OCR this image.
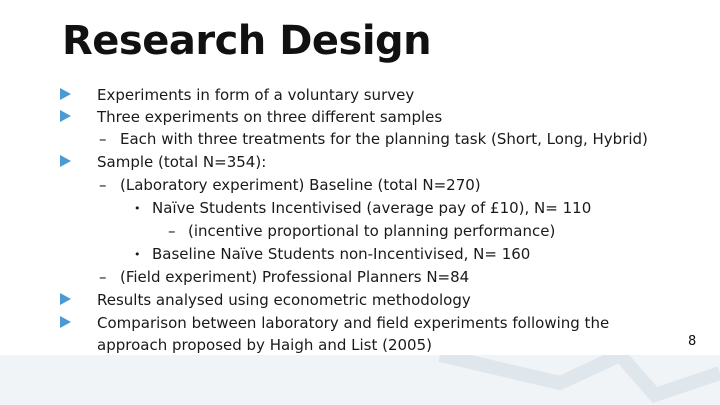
Research Design
Experiments in form of a voluntary survey
Three experiments on three different samples
– Each with three treatments for the planning task (Short, Long, Hybrid)
Sample (total N=354):
– (Laboratory experiment) Baseline (total N=270)
• Naïve Students Incentivised (average pay of £10), N= 110
– (incentive proportional to planning performance)
• Baseline Naïve Students non-Incentivised, N= 160
– (Field experiment) Professional Planners N=84
Results analysed using econometric methodology
Comparison between laboratory and field experiments following the
approach proposed by Haigh and List (2005)	8
